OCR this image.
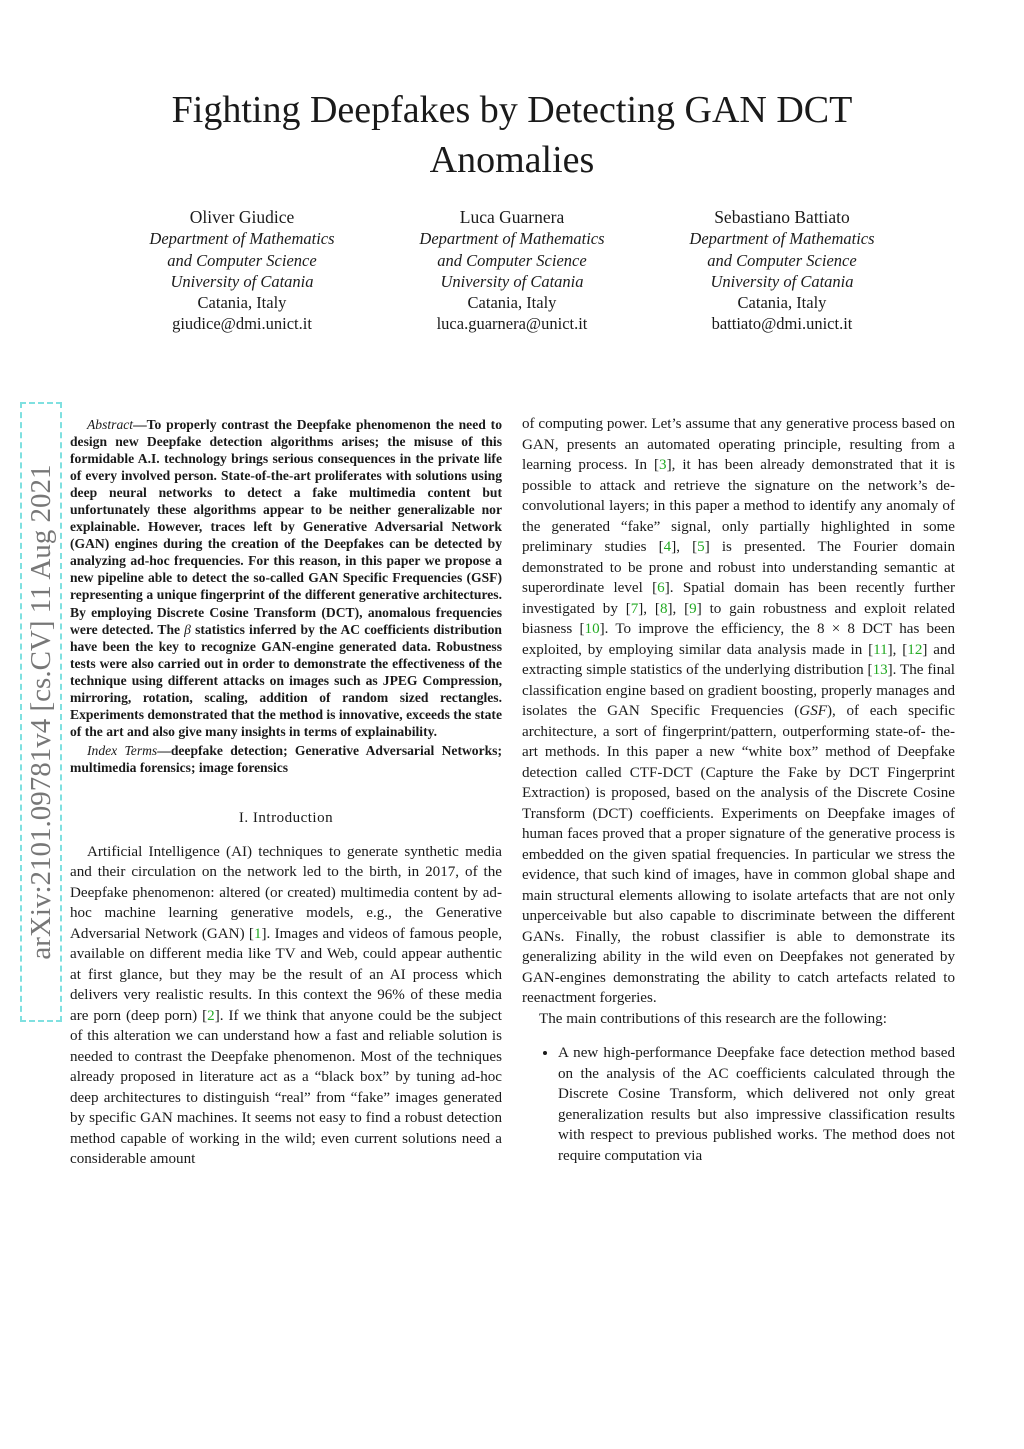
Fighting Deepfakes by Detecting GAN DCT
Anomalies
Oliver Giudice
Department of Mathematics
and Computer Science
University of Catania
Catania, Italy
giudice@dmi.unict.it
Luca Guarnera
Department of Mathematics
and Computer Science
University of Catania
Catania, Italy
luca.guarnera@unict.it
Sebastiano Battiato
Department of Mathematics
and Computer Science
University of Catania
Catania, Italy
battiato@dmi.unict.it
arXiv:2101.09781v4 [cs.CV] 11 Aug 2021

Abstract—To properly contrast the Deepfake phenomenon the need to design new Deepfake detection algorithms arises; the misuse of this formidable A.I. technology brings serious consequences in the private life of every involved person. State-of-the-art proliferates with solutions using deep neural networks to detect a fake multimedia content but unfortunately these algorithms appear to be neither generalizable nor explainable. However, traces left by Generative Adversarial Network (GAN) engines during the creation of the Deepfakes can be detected by analyzing ad-hoc frequencies. For this reason, in this paper we propose a new pipeline able to detect the so-called GAN Specific Frequencies (GSF) representing a unique fingerprint of the different generative architectures. By employing Discrete Cosine Transform (DCT), anomalous frequencies were detected. The β statistics inferred by the AC coefficients distribution have been the key to recognize GAN-engine generated data. Robustness tests were also carried out in order to demonstrate the effectiveness of the technique using different attacks on images such as JPEG Compression, mirroring, rotation, scaling, addition of random sized rectangles. Experiments demonstrated that the method is innovative, exceeds the state of the art and also give many insights in terms of explainability.

Index Terms—deepfake detection; Generative Adversarial Networks; multimedia forensics; image forensics

I. Introduction

Artificial Intelligence (AI) techniques to generate synthetic media and their circulation on the network led to the birth, in 2017, of the Deepfake phenomenon: altered (or created) multimedia content by ad-hoc machine learning generative models, e.g., the Generative Adversarial Network (GAN) [1]. Images and videos of famous people, available on different media like TV and Web, could appear authentic at first glance, but they may be the result of an AI process which delivers very realistic results. In this context the 96% of these media are porn (deep porn) [2]. If we think that anyone could be the subject of this alteration we can understand how a fast and reliable solution is needed to contrast the Deepfake phenomenon. Most of the techniques already proposed in literature act as a “black box” by tuning ad-hoc deep architectures to distinguish “real” from “fake” images generated by specific GAN machines. It seems not easy to find a robust detection method capable of working in the wild; even current solutions need a considerable amount

of computing power. Let’s assume that any generative process based on GAN, presents an automated operating principle, resulting from a learning process. In [3], it has been already demonstrated that it is possible to attack and retrieve the signature on the network’s de-convolutional layers; in this paper a method to identify any anomaly of the generated “fake” signal, only partially highlighted in some preliminary studies [4], [5] is presented. The Fourier domain demonstrated to be prone and robust into understanding semantic at superordinate level [6]. Spatial domain has been recently further investigated by [7], [8], [9] to gain robustness and exploit related biasness [10]. To improve the efficiency, the 8 × 8 DCT has been exploited, by employing similar data analysis made in [11], [12] and extracting simple statistics of the underlying distribution [13]. The final classification engine based on gradient boosting, properly manages and isolates the GAN Specific Frequencies (GSF), of each specific architecture, a sort of fingerprint/pattern, outperforming state-of- the-art methods. In this paper a new “white box” method of Deepfake detection called CTF-DCT (Capture the Fake by DCT Fingerprint Extraction) is proposed, based on the analysis of the Discrete Cosine Transform (DCT) coefficients. Experiments on Deepfake images of human faces proved that a proper signature of the generative process is embedded on the given spatial frequencies. In particular we stress the evidence, that such kind of images, have in common global shape and main structural elements allowing to isolate artefacts that are not only unperceivable but also capable to discriminate between the different GANs. Finally, the robust classifier is able to demonstrate its generalizing ability in the wild even on Deepfakes not generated by GAN-engines demonstrating the ability to catch artefacts related to reenactment forgeries.

The main contributions of this research are the following:

• A new high-performance Deepfake face detection method based on the analysis of the AC coefficients calculated through the Discrete Cosine Transform, which delivered not only great generalization results but also impressive classification results with respect to previous published works. The method does not require computation via
